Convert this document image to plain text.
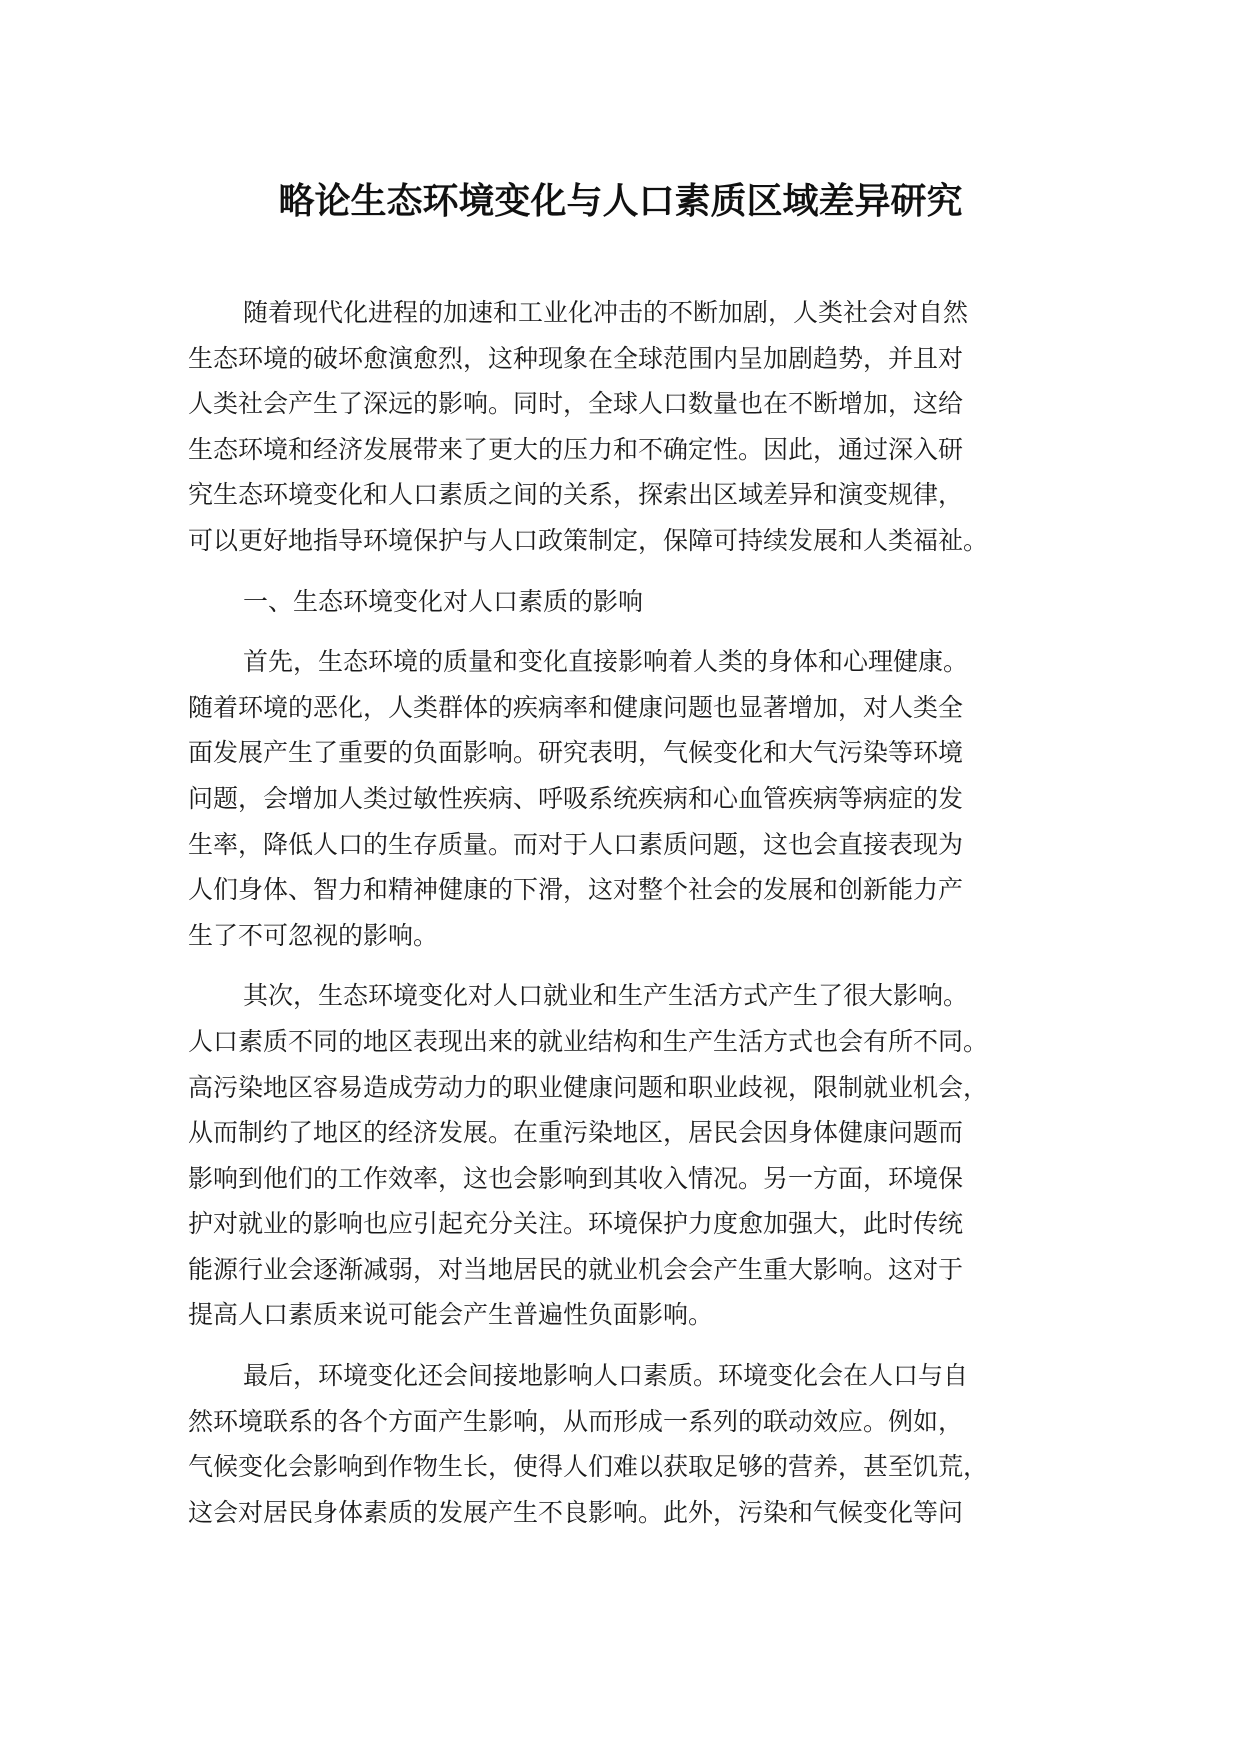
略论生态环境变化与人口素质区域差异研究
随着现代化进程的加速和工业化冲击的不断加剧，人类社会对自然
生态环境的破坏愈演愈烈，这种现象在全球范围内呈加剧趋势，并且对
人类社会产生了深远的影响。同时，全球人口数量也在不断增加，这给
生态环境和经济发展带来了更大的压力和不确定性。因此，通过深入研
究生态环境变化和人口素质之间的关系，探索出区域差异和演变规律，
可以更好地指导环境保护与人口政策制定，保障可持续发展和人类福祉。
一、生态环境变化对人口素质的影响
首先，生态环境的质量和变化直接影响着人类的身体和心理健康。
随着环境的恶化，人类群体的疾病率和健康问题也显著增加，对人类全
面发展产生了重要的负面影响。研究表明，气候变化和大气污染等环境
问题，会增加人类过敏性疾病、呼吸系统疾病和心血管疾病等病症的发
生率，降低人口的生存质量。而对于人口素质问题，这也会直接表现为
人们身体、智力和精神健康的下滑，这对整个社会的发展和创新能力产
生了不可忽视的影响。
其次，生态环境变化对人口就业和生产生活方式产生了很大影响。
人口素质不同的地区表现出来的就业结构和生产生活方式也会有所不同。
高污染地区容易造成劳动力的职业健康问题和职业歧视，限制就业机会，
从而制约了地区的经济发展。在重污染地区，居民会因身体健康问题而
影响到他们的工作效率，这也会影响到其收入情况。另一方面，环境保
护对就业的影响也应引起充分关注。环境保护力度愈加强大，此时传统
能源行业会逐渐减弱，对当地居民的就业机会会产生重大影响。这对于
提高人口素质来说可能会产生普遍性负面影响。
最后，环境变化还会间接地影响人口素质。环境变化会在人口与自
然环境联系的各个方面产生影响，从而形成一系列的联动效应。例如，
气候变化会影响到作物生长，使得人们难以获取足够的营养，甚至饥荒，
这会对居民身体素质的发展产生不良影响。此外，污染和气候变化等问
